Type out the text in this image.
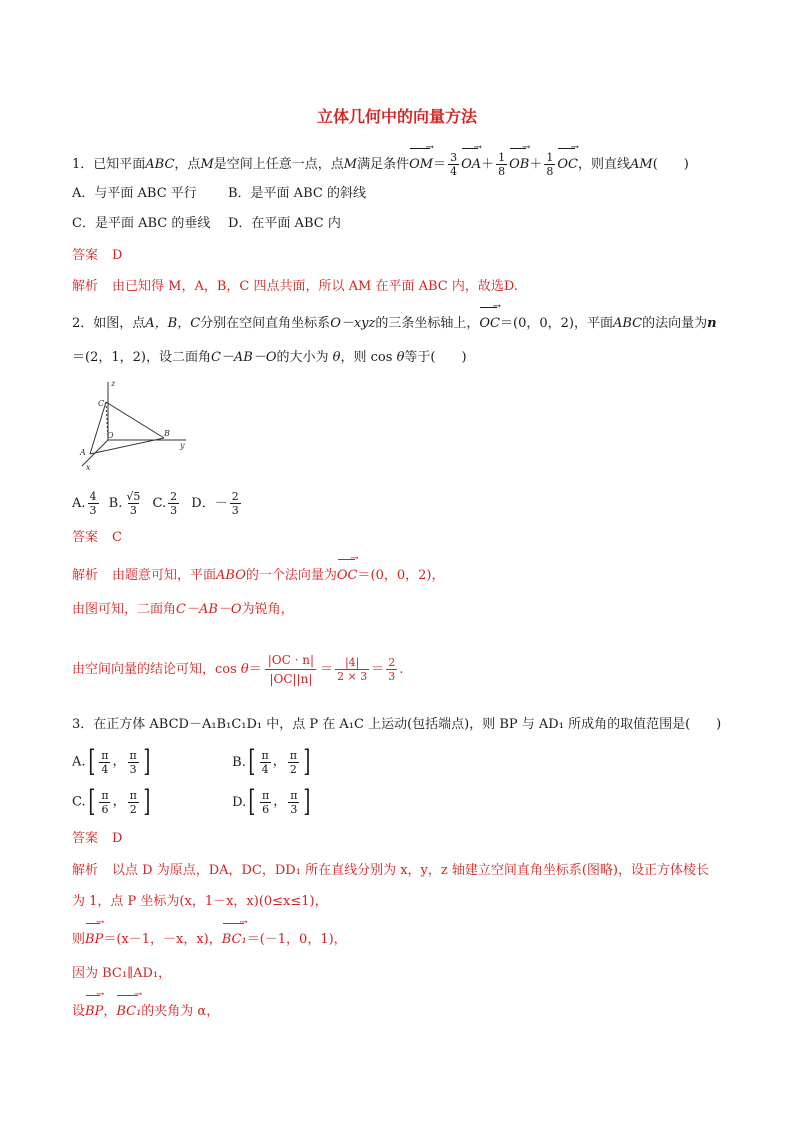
立体几何中的向量方法
1．已知平面ABC，点M是空间上任意一点，点M满足条件
→
$OM= \frac{3}{4}$
→
$OA+ \frac{1}{8}$
→
$OB+ \frac{1}{8}$
→
OC，则直线AM(　　)
A．与平面 ABC 平行 B．是平面 ABC 的斜线
C．是平面 ABC 的垂线 D．在平面 ABC 内
答案 D
解析 由已知得 M，A，B，C 四点共面，所以 AM 在平面 ABC 内，故选D.
2．如图，点A，B，C分别在空间直角坐标系O－xyz的三条坐标轴上，
→
OC＝(0，0，2)，平面ABC的法向量为n
＝(2，1，2)，设二面角C－AB－O的大小为 θ，则 cos θ等于(　　)
z
C
O	B
y
A
x
A. $\frac{4}{3} B$. $\frac{√5}{3} C$. $\frac{2}{3}$ D．－ $\frac{2}{3}$
答案 C
解析 由题意可知，平面ABO的一个法向量为
→
OC＝(0，0，2)，
由图可知，二面角C－AB－O为锐角，
由空间向量的结论可知，$\cos \theta= \frac{|OC \cdot n|}{|OC||n|} = \frac{|4|}{2 \times 3} = \frac{2}{3}$ .
3．在正方体 ABCD－A₁B₁C₁D₁ 中，点 P 在 A₁C 上运动(包括端点)，则 BP 与 AD₁ 所成角的取值范围是(　　)
A. [ $\frac{\pi}{4}$ ， $\frac{\pi}{3}$ ]	B. [ $\frac{\pi}{4}$ ， $\frac{\pi}{2}$ ]
C. [ $\frac{\pi}{6}$ ， $\frac{\pi}{2}$ ]	D. [ $\frac{\pi}{6}$ ， $\frac{\pi}{3}$ ]
答案 D
解析 以点 D 为原点，DA，DC，DD₁ 所在直线分别为 x，y，z 轴建立空间直角坐标系(图略)，设正方体棱长
为 1，点 P 坐标为(x，1－x，x)(0≤x≤1)，
则
→
BP＝(x－1，－x，x)，
→
BC₁＝(－1，0，1)，
因为 BC₁∥AD₁，
设
→
BP，
→
BC₁的夹角为 α，
